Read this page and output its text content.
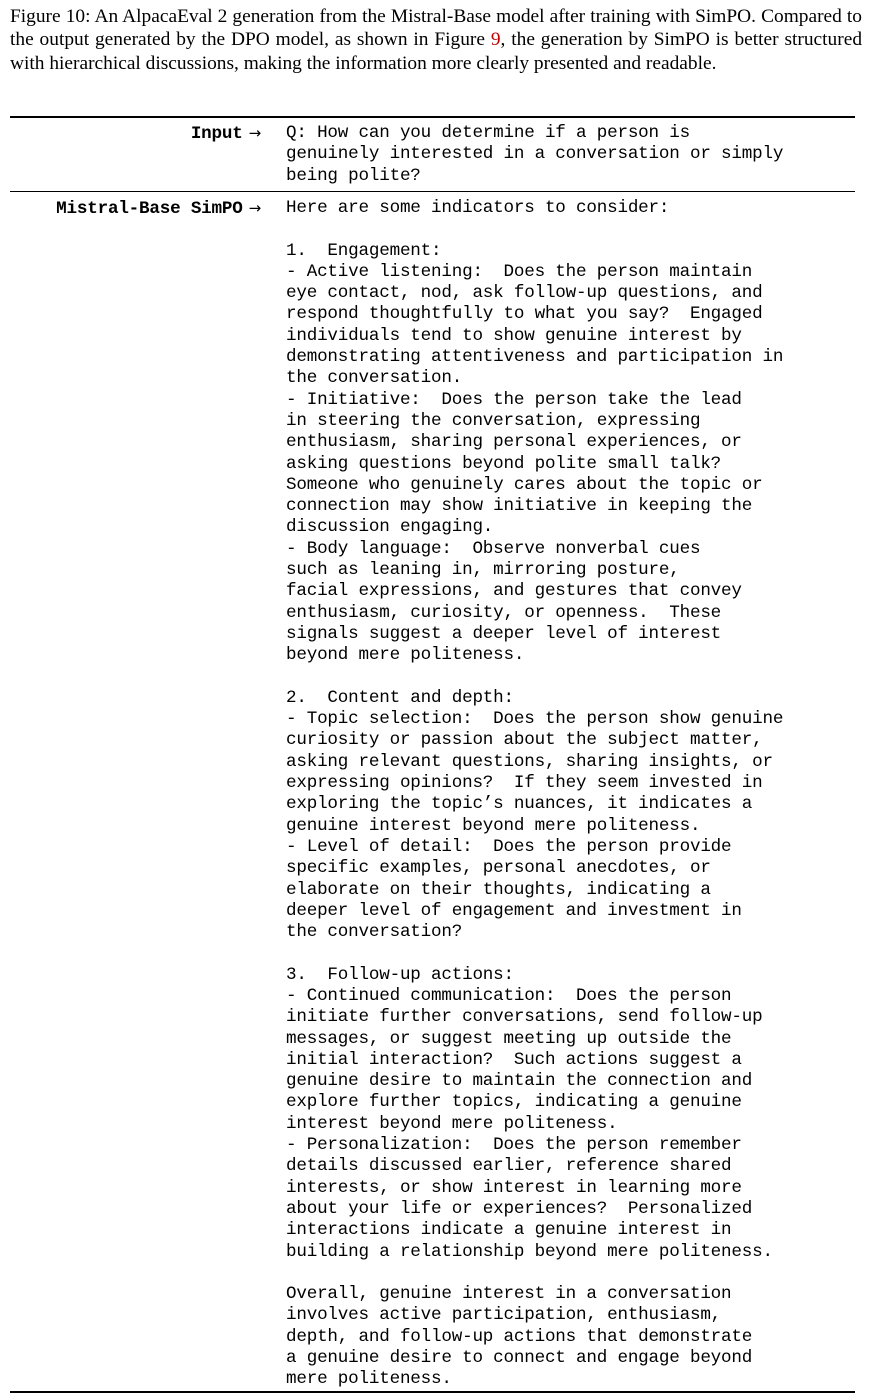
Figure 10: An AlpacaEval 2 generation from the Mistral-Base model after training with SimPO. Compared to the output generated by the DPO model, as shown in Figure 9, the generation by SimPO is better structured with hierarchical discussions, making the information more clearly presented and readable.

Input → Q: How can you determine if a person is
genuinely interested in a conversation or simply
being polite?

Mistral-Base SimPO → Here are some indicators to consider:

1.  Engagement:
- Active listening:  Does the person maintain
eye contact, nod, ask follow-up questions, and
respond thoughtfully to what you say?  Engaged
individuals tend to show genuine interest by
demonstrating attentiveness and participation in
the conversation.
- Initiative:  Does the person take the lead
in steering the conversation, expressing
enthusiasm, sharing personal experiences, or
asking questions beyond polite small talk?
Someone who genuinely cares about the topic or
connection may show initiative in keeping the
discussion engaging.
- Body language:  Observe nonverbal cues
such as leaning in, mirroring posture,
facial expressions, and gestures that convey
enthusiasm, curiosity, or openness.  These
signals suggest a deeper level of interest
beyond mere politeness.

2.  Content and depth:
- Topic selection:  Does the person show genuine
curiosity or passion about the subject matter,
asking relevant questions, sharing insights, or
expressing opinions?  If they seem invested in
exploring the topic’s nuances, it indicates a
genuine interest beyond mere politeness.
- Level of detail:  Does the person provide
specific examples, personal anecdotes, or
elaborate on their thoughts, indicating a
deeper level of engagement and investment in
the conversation?

3.  Follow-up actions:
- Continued communication:  Does the person
initiate further conversations, send follow-up
messages, or suggest meeting up outside the
initial interaction?  Such actions suggest a
genuine desire to maintain the connection and
explore further topics, indicating a genuine
interest beyond mere politeness.
- Personalization:  Does the person remember
details discussed earlier, reference shared
interests, or show interest in learning more
about your life or experiences?  Personalized
interactions indicate a genuine interest in
building a relationship beyond mere politeness.

Overall, genuine interest in a conversation
involves active participation, enthusiasm,
depth, and follow-up actions that demonstrate
a genuine desire to connect and engage beyond
mere politeness.
